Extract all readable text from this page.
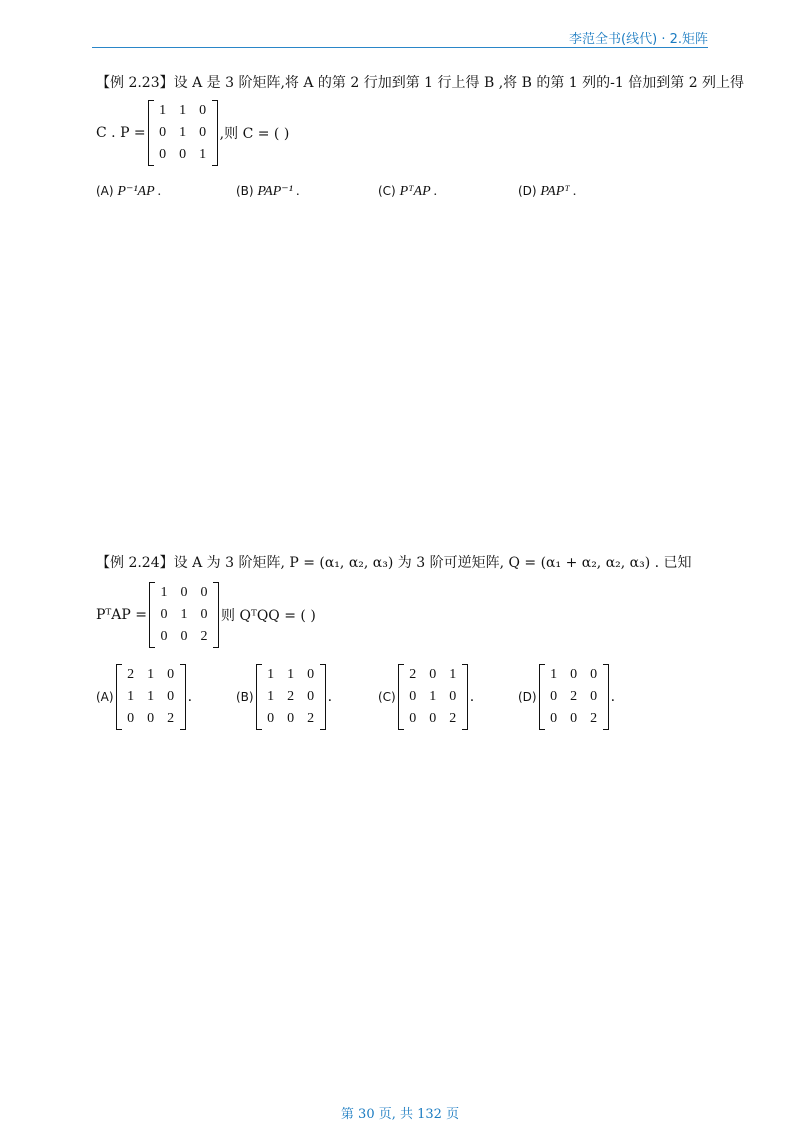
李范全书(线代) · 2.矩阵
【例 2.23】设 A 是 3 阶矩阵,将 A 的第 2 行加到第 1 行上得 B ,将 B 的第 1 列的-1 倍加到第 2 列上得
C . P =
1 1 0
0 1 0
0 0 1
,则 C = ( )
(A) P⁻¹AP .	(B) PAP⁻¹ .	(C) PᵀAP .	(D) PAPᵀ .
【例 2.24】设 A 为 3 阶矩阵, P = (α₁, α₂, α₃) 为 3 阶可逆矩阵, Q = (α₁ + α₂, α₂, α₃) . 已知
PᵀAP =
1 0 0
0 1 0
0 0 2
则 QᵀQQ = ( )
(A)
2 1 0
1 1 0
0 0 2
.	(B)
1 1 0
1 2 0
0 0 2
.	(C)
2 0 1
0 1 0
0 0 2
.	(D)
1 0 0
0 2 0
0 0 2
.
第 30 页, 共 132 页
